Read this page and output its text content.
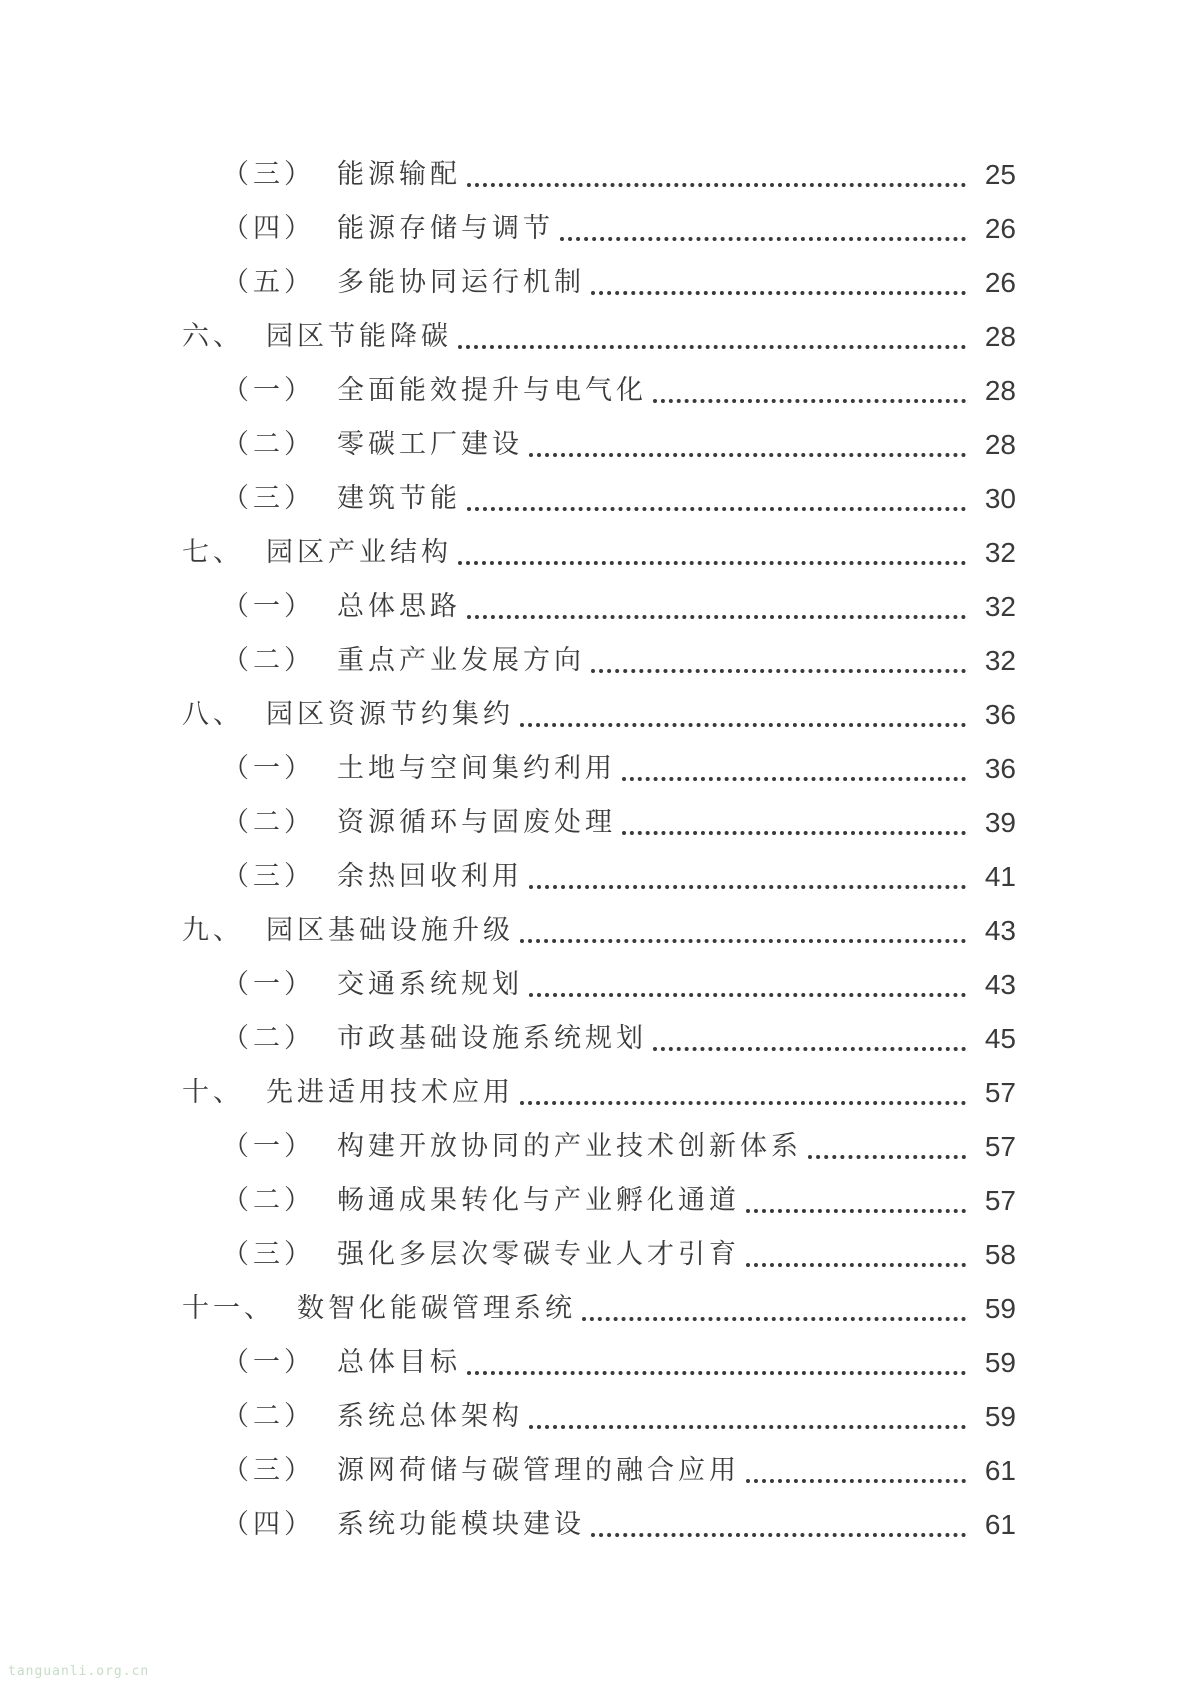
（三） 能源输配	25
（四） 能源存储与调节	26
（五） 多能协同运行机制	26
六、 园区节能降碳	28
（一） 全面能效提升与电气化	28
（二） 零碳工厂建设	28
（三） 建筑节能	30
七、 园区产业结构	32
（一） 总体思路	32
（二） 重点产业发展方向	32
八、 园区资源节约集约	36
（一） 土地与空间集约利用	36
（二） 资源循环与固废处理	39
（三） 余热回收利用	41
九、 园区基础设施升级	43
（一） 交通系统规划	43
（二） 市政基础设施系统规划	45
十、 先进适用技术应用	57
（一） 构建开放协同的产业技术创新体系	57
（二） 畅通成果转化与产业孵化通道	57
（三） 强化多层次零碳专业人才引育	58
十一、 数智化能碳管理系统	59
（一） 总体目标	59
（二） 系统总体架构	59
（三） 源网荷储与碳管理的融合应用	61
（四） 系统功能模块建设	61
tanguanli.org.cn
